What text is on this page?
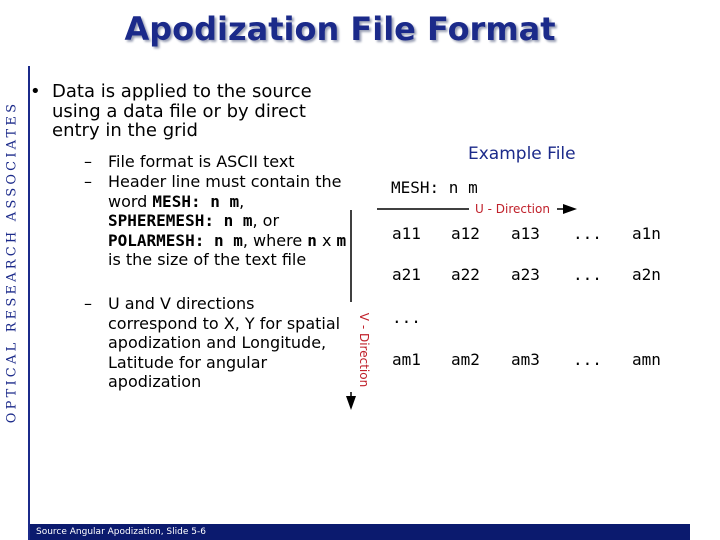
OPTICAL RESEARCH ASSOCIATES
Apodization File Format
• Data is applied to the source using a data file or by direct entry in the grid
– File format is ASCII text
– Header line must contain the word MESH: n m, SPHEREMESH: n m, or POLARMESH: n m, where n x m is the size of the text file
– U and V directions correspond to X, Y for spatial apodization and Longitude, Latitude for angular apodization
Example File
MESH: n m
U - Direction
V - Direction
a11 a12 a13 ... a1n
a21 a22 a23 ... a2n
...
am1 am2 am3 ... amn
Source Angular Apodization, Slide 5-6
